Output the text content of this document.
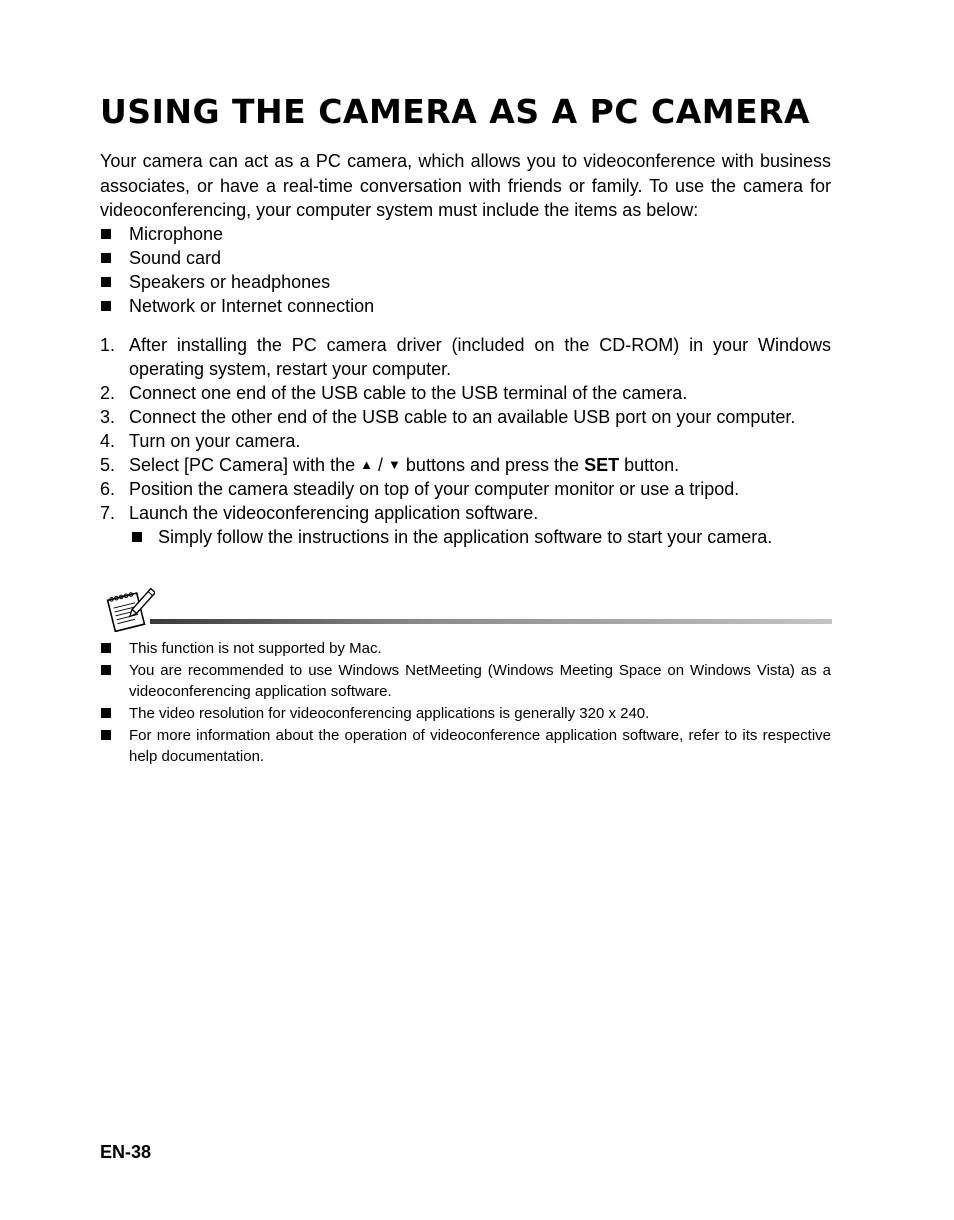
USING THE CAMERA AS A PC CAMERA

Your camera can act as a PC camera, which allows you to videoconference with business associates, or have a real-time conversation with friends or family. To use the camera for videoconferencing, your computer system must include the items as below:

Microphone
Sound card
Speakers or headphones
Network or Internet connection
1. After installing the PC camera driver (included on the CD-ROM) in your Windows operating system, restart your computer.
2. Connect one end of the USB cable to the USB terminal of the camera.
3. Connect the other end of the USB cable to an available USB port on your computer.
4. Turn on your camera.
5. Select [PC Camera] with the ▲ / ▼ buttons and press the SET button.
6. Position the camera steadily on top of your computer monitor or use a tripod.
7. Launch the videoconferencing application software.
Simply follow the instructions in the application software to start your camera.
This function is not supported by Mac.
You are recommended to use Windows NetMeeting (Windows Meeting Space on Windows Vista) as a videoconferencing application software.
The video resolution for videoconferencing applications is generally 320 x 240.
For more information about the operation of videoconference application software, refer to its respective help documentation.
EN-38
